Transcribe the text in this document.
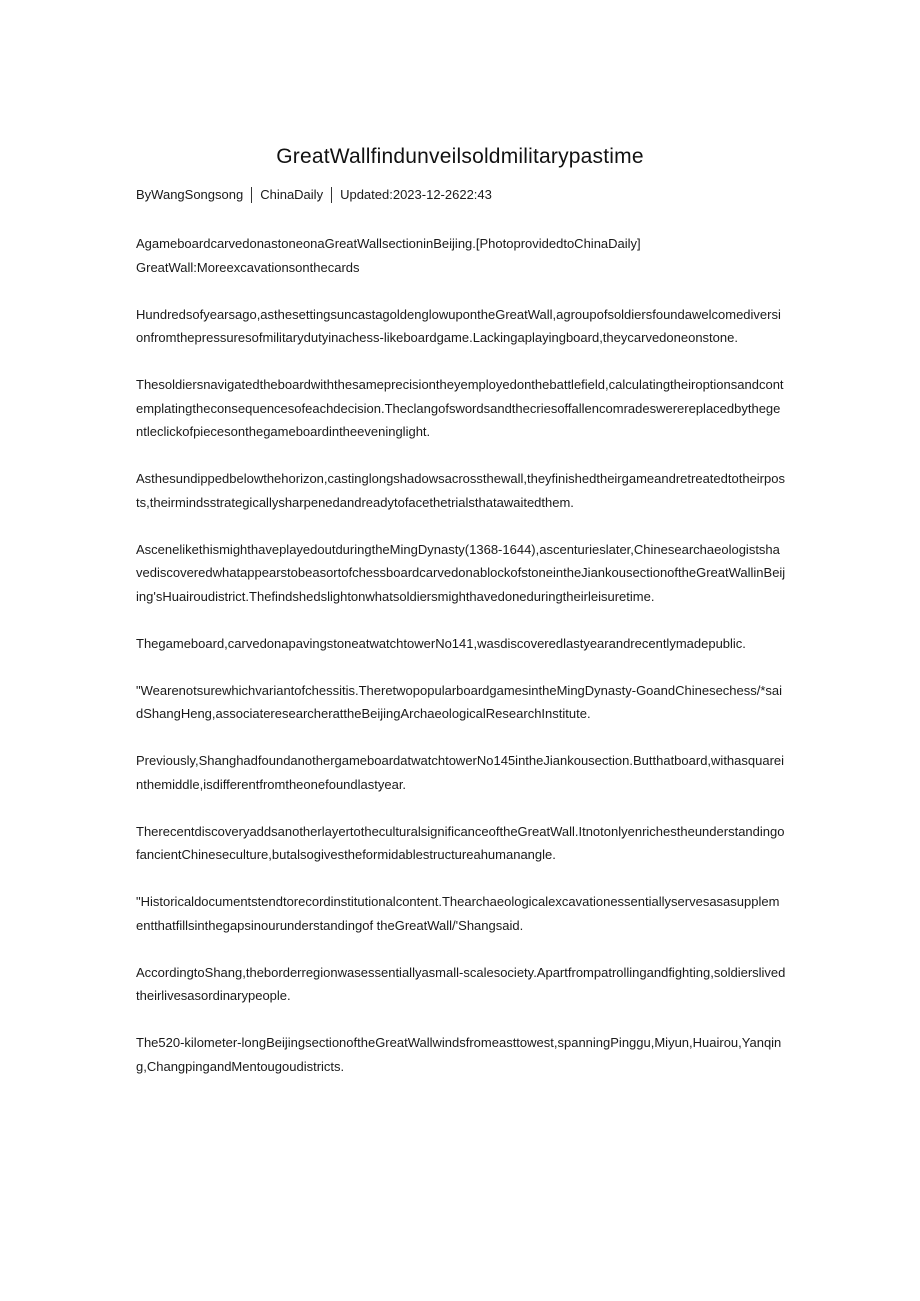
GreatWallfindunveilsoldmilitarypastime
ByWangSongsong ChinaDaily Updated:2023-12-2622:43

AgameboardcarvedonastoneonaGreatWallsectioninBeijing.[PhotoprovidedtoChinaDaily]

GreatWall:Moreexcavationsonthecards

Hundredsofyearsago,asthesettingsuncastagoldenglowupontheGreatWall,agroupofsoldiersfoundawelcomediversionfromthepressuresofmilitarydutyinachess-likeboardgame.Lackingaplayingboard,theycarvedoneonstone.

Thesoldiersnavigatedtheboardwiththesameprecisiontheyemployedonthebattlefield,calculatingtheiroptionsandcontemplatingtheconsequencesofeachdecision.Theclangofswordsandthecriesoffallencomradeswerereplacedbythegentleclickofpiecesonthegameboardintheeveninglight.

Asthesundippedbelowthehorizon,castinglongshadowsacrossthewall,theyfinishedtheirgameandretreatedtotheirposts,theirmindsstrategicallysharpenedandreadytofacethetrialsthatawaitedthem.

AscenelikethismighthaveplayedoutduringtheMingDynasty(1368-1644),ascenturieslater,ChinesearchaeologistshavediscoveredwhatappearstobeasortofchessboardcarvedonablockofstoneintheJiankousectionoftheGreatWallinBeijing'sHuairoudistrict.Thefindshedslightonwhatsoldiersmighthavedoneduringtheirleisuretime.

Thegameboard,carvedonapavingstoneatwatchtowerNo141,wasdiscoveredlastyearandrecentlymadepublic.

"Wearenotsurewhichvariantofchessitis.TheretwopopularboardgamesintheMingDynasty-GoandChinesechess/*saidShangHeng,associateresearcherattheBeijingArchaeologicalResearchInstitute.

Previously,ShanghadfoundanothergameboardatwatchtowerNo145intheJiankousection.Butthatboard,withasquareinthemiddle,isdifferentfromtheonefoundlastyear.

TherecentdiscoveryaddsanotherlayertotheculturalsignificanceoftheGreatWall.ItnotonlyenrichestheunderstandingofancientChineseculture,butalsogivestheformidablestructureahumanangle.

"Historicaldocumentstendtorecordinstitutionalcontent.Thearchaeologicalexcavationessentiallyservesasasupplementthatfillsinthegapsinourunderstandingof theGreatWall/'Shangsaid.

AccordingtoShang,theborderregionwasessentiallyasmall-scalesociety.Apartfrompatrollingandfighting,soldierslivedtheirlivesasordinarypeople.

The520-kilometer-longBeijingsectionoftheGreatWallwindsfromeasttowest,spanningPinggu,Miyun,Huairou,Yanqing,ChangpingandMentougoudistricts.
